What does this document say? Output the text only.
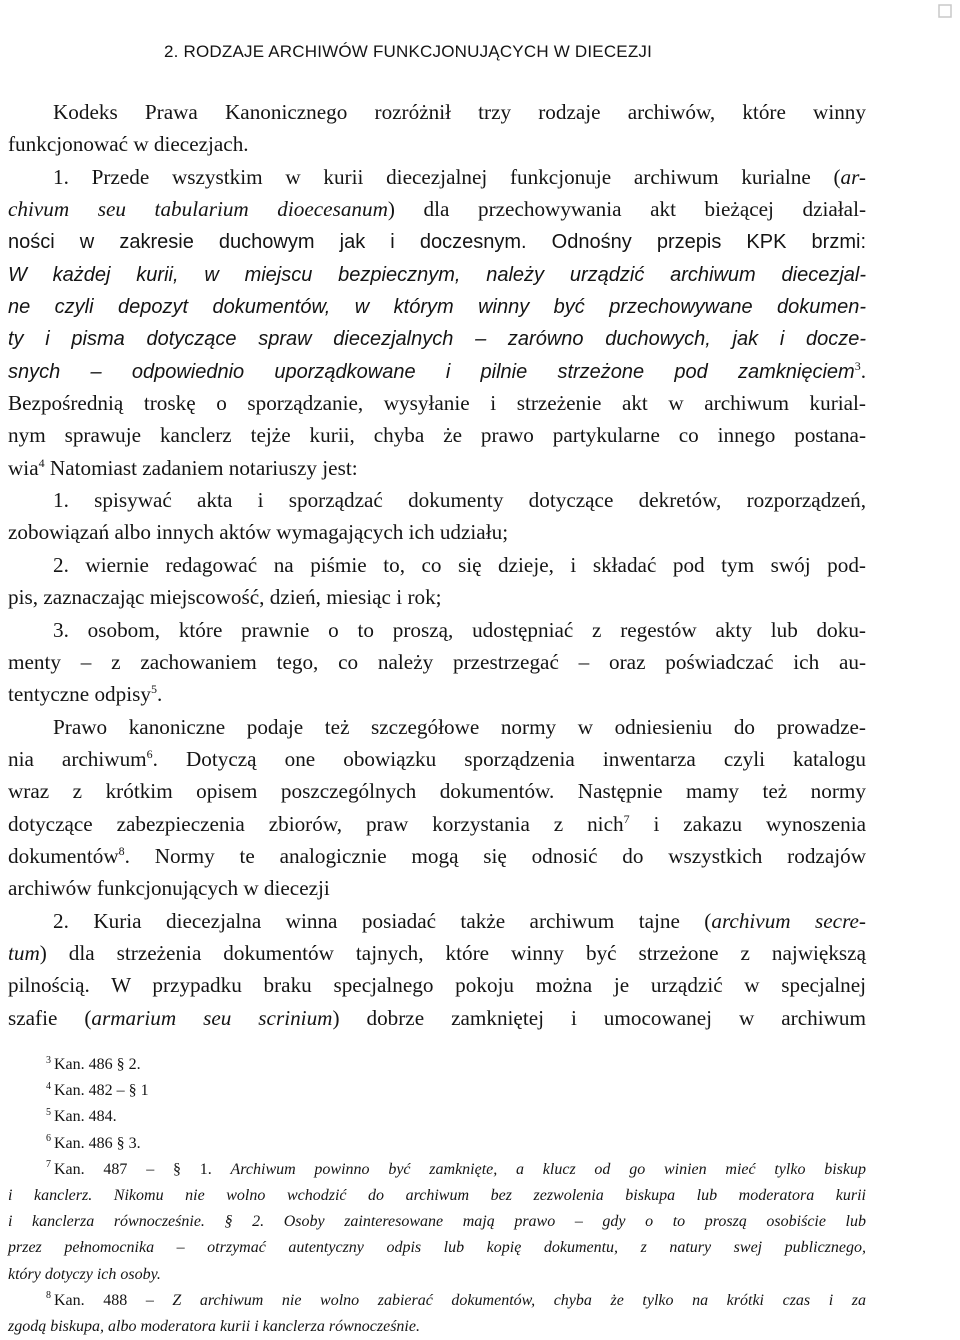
2. RODZAJE ARCHIWÓW FUNKCJONUJĄCYCH W DIECEZJI
Kodeks Prawa Kanonicznego rozróżnił trzy rodzaje archiwów, które winny
funkcjonować w diecezjach.
1. Przede wszystkim w kurii diecezjalnej funkcjonuje archiwum kurialne (ar-
chivum seu tabularium dioecesanum) dla przechowywania akt bieżącej działal-
ności w zakresie duchowym jak i doczesnym. Odnośny przepis KPK brzmi:
W każdej kurii, w miejscu bezpiecznym, należy urządzić archiwum diecezjal-
ne czyli depozyt dokumentów, w którym winny być przechowywane dokumen-
ty i pisma dotyczące spraw diecezjalnych – zarówno duchowych, jak i docze-
snych – odpowiednio uporządkowane i pilnie strzeżone pod zamknięciem$^3$.
Bezpośrednią troskę o sporządzanie, wysyłanie i strzeżenie akt w archiwum kurial-
nym sprawuje kanclerz tejże kurii, chyba że prawo partykularne co innego postana-
wia$^4$ Natomiast zadaniem notariuszy jest:
1. spisywać akta i sporządzać dokumenty dotyczące dekretów, rozporządzeń,
zobowiązań albo innych aktów wymagających ich udziału;
2. wiernie redagować na piśmie to, co się dzieje, i składać pod tym swój pod-
pis, zaznaczając miejscowość, dzień, miesiąc i rok;
3. osobom, które prawnie o to proszą, udostępniać z regestów akty lub doku-
menty – z zachowaniem tego, co należy przestrzegać – oraz poświadczać ich au-
tentyczne odpisy$^5$.
Prawo kanoniczne podaje też szczegółowe normy w odniesieniu do prowadze-
nia archiwum$^6$. Dotyczą one obowiązku sporządzenia inwentarza czyli katalogu
wraz z krótkim opisem poszczególnych dokumentów. Następnie mamy też normy
dotyczące zabezpieczenia zbiorów, praw korzystania z nich$^7$ i zakazu wynoszenia
dokumentów$^8$. Normy te analogicznie mogą się odnosić do wszystkich rodzajów
archiwów funkcjonujących w diecezji
2. Kuria diecezjalna winna posiadać także archiwum tajne (archivum secre-
tum) dla strzeżenia dokumentów tajnych, które winny być strzeżone z największą
pilnością. W przypadku braku specjalnego pokoju można je urządzić w specjalnej
szafie (armarium seu scrinium) dobrze zamkniętej i umocowanej w archiwum
$^3$ Kan. 486 § 2.
$^4$ Kan. 482 – § 1
$^5$ Kan. 484.
$^6$ Kan. 486 § 3.
$^7$ Kan. 487 – § 1. Archiwum powinno być zamknięte, a klucz od go winien mieć tylko biskup
i kanclerz. Nikomu nie wolno wchodzić do archiwum bez zezwolenia biskupa lub moderatora kurii
i kanclerza równocześnie. § 2. Osoby zainteresowane mają prawo – gdy o to proszą osobiście lub
przez pełnomocnika – otrzymać autentyczny odpis lub kopię dokumentu, z natury swej publicznego,
który dotyczy ich osoby.
$^8$ Kan. 488 – Z archiwum nie wolno zabierać dokumentów, chyba że tylko na krótki czas i za
zgodą biskupa, albo moderatora kurii i kanclerza równocześnie.
